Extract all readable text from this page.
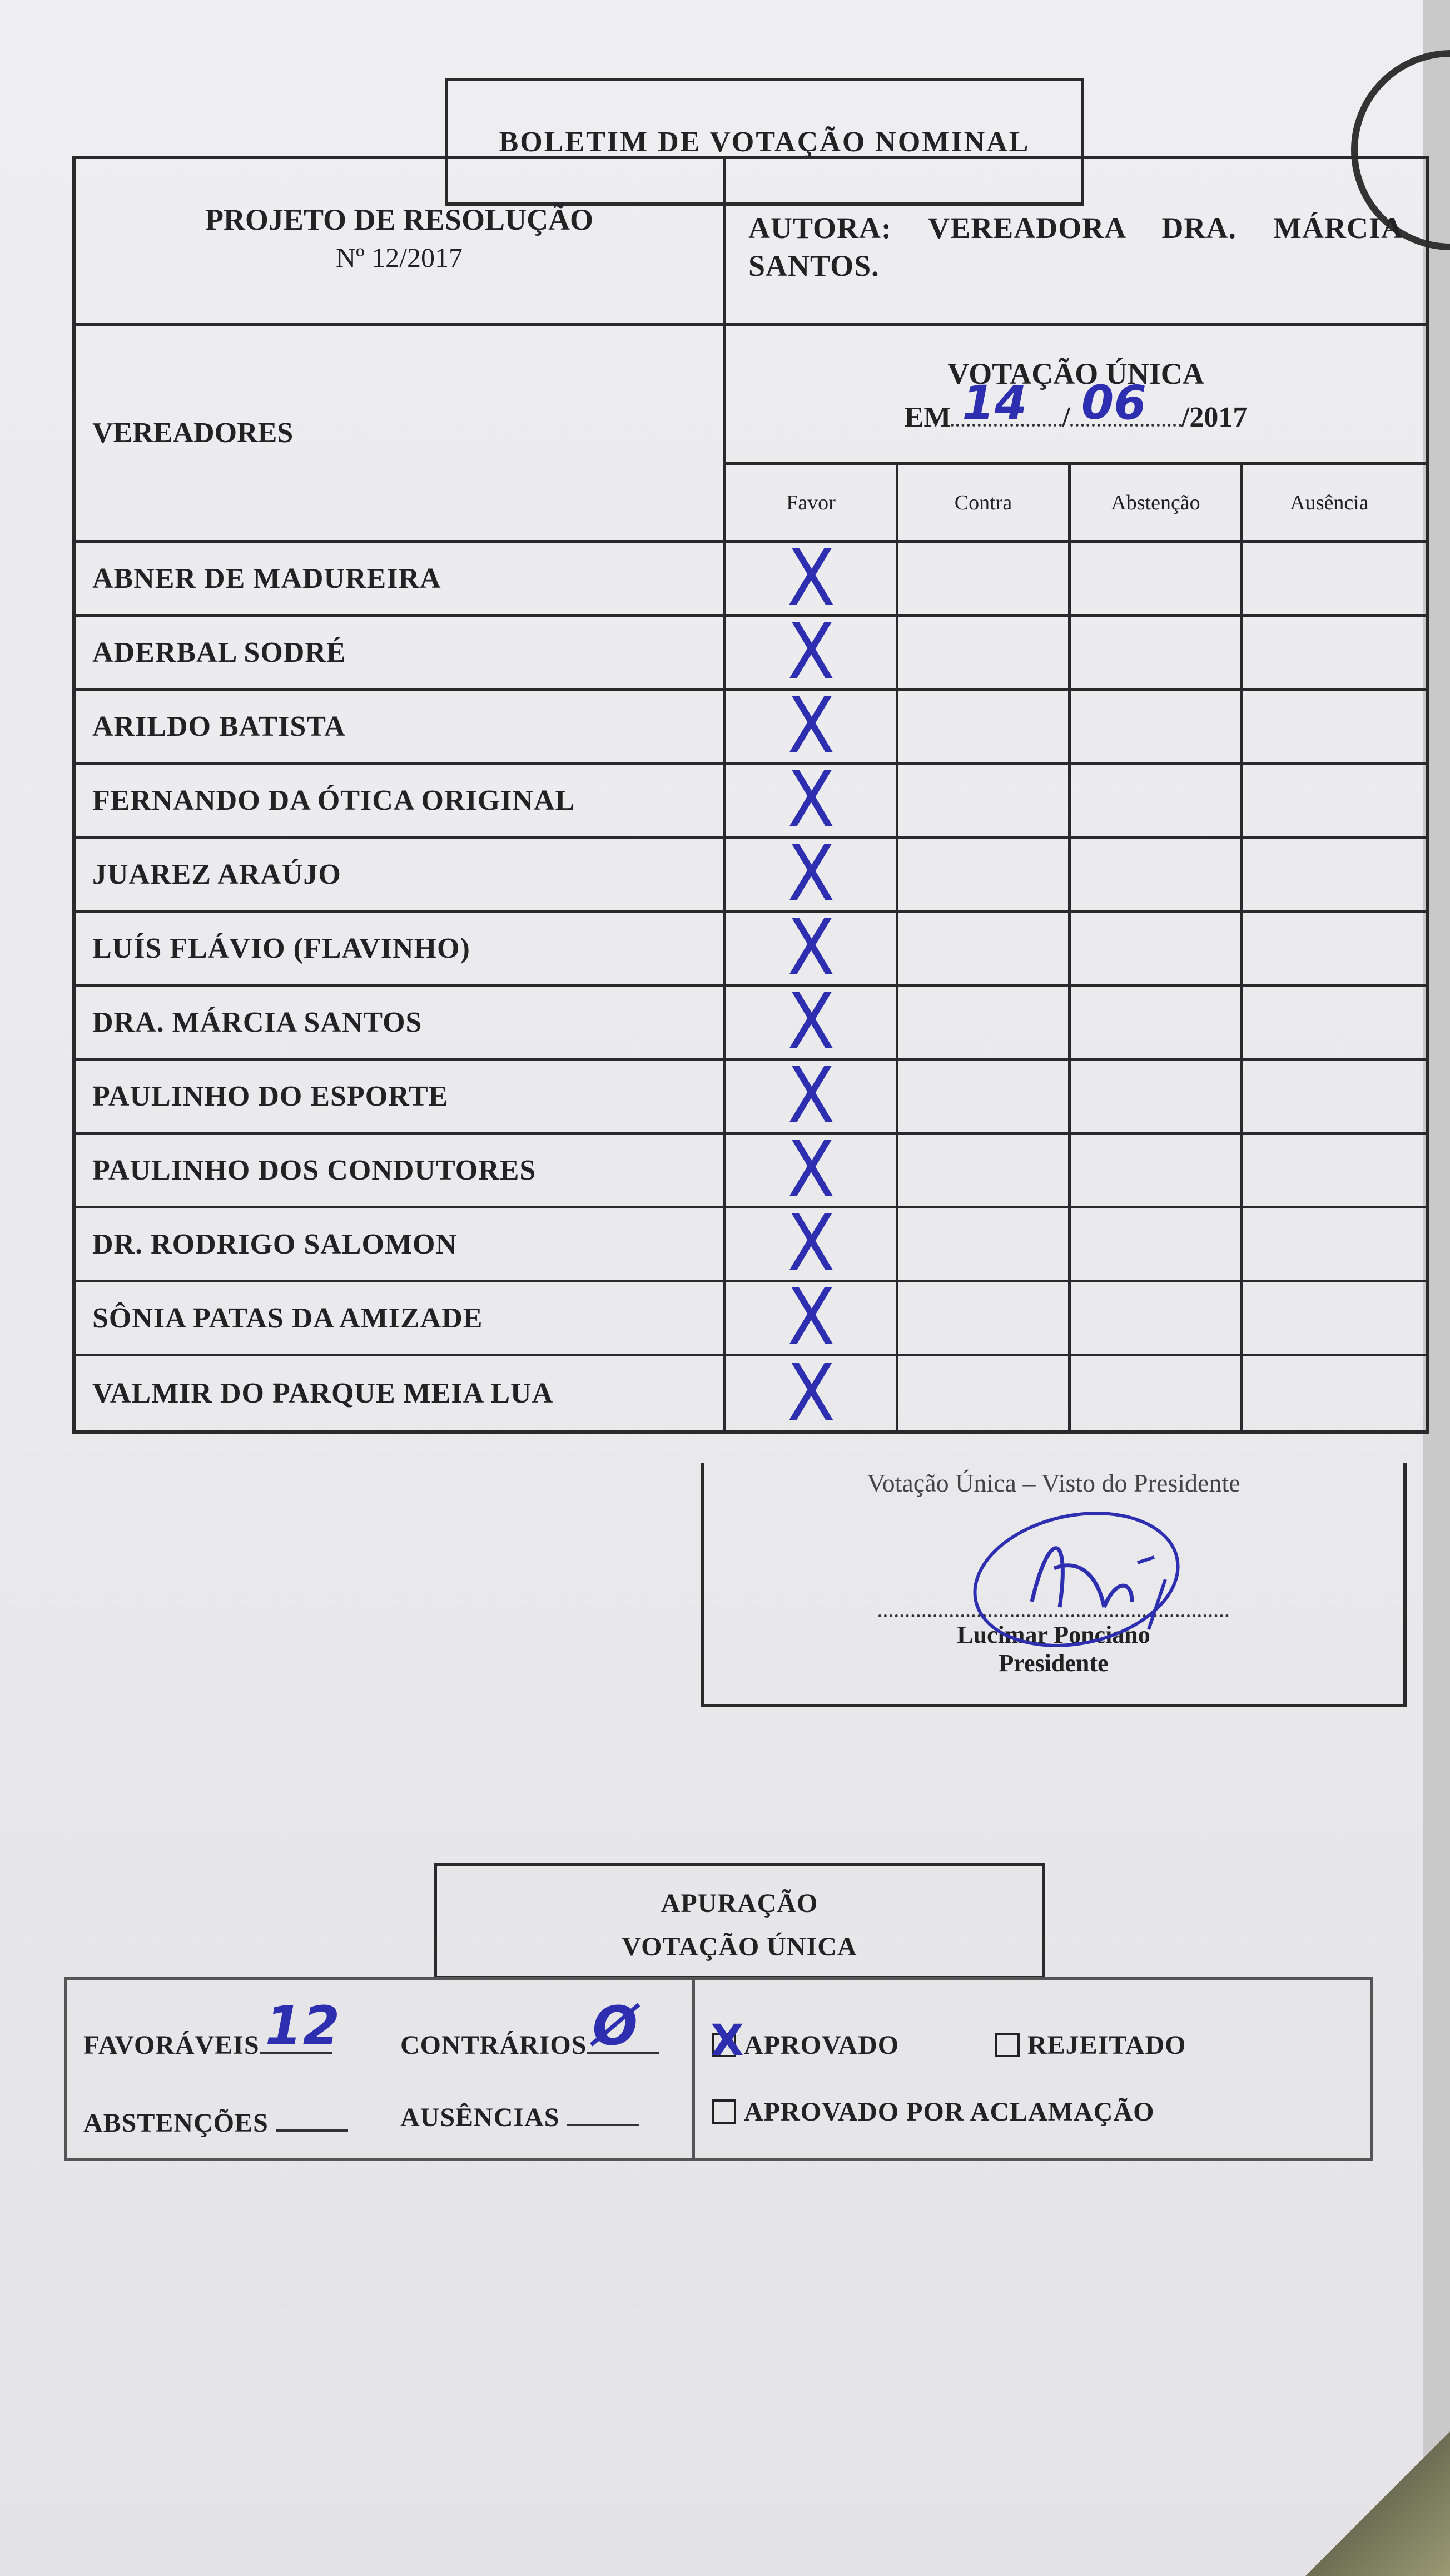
BOLETIM DE VOTAÇÃO NOMINAL
PROJETO DE RESOLUÇÃO
Nº 12/2017
AUTORA: VEREADORA DRA. MÁRCIA SANTOS.
VEREADORES
VOTAÇÃO ÚNICA
EM 14 / 06 /2017
Favor	Contra	Abstenção	Ausência
ABNER DE MADUREIRA	X
ADERBAL SODRÉ	X
ARILDO BATISTA	X
FERNANDO DA ÓTICA ORIGINAL	X
JUAREZ ARAÚJO	X
LUÍS FLÁVIO (FLAVINHO)	X
DRA. MÁRCIA SANTOS	X
PAULINHO DO ESPORTE	X
PAULINHO DOS CONDUTORES	X
DR. RODRIGO SALOMON	X
SÔNIA PATAS DA AMIZADE	X
VALMIR DO PARQUE MEIA LUA	X
Votação Única – Visto do Presidente
Lucimar Ponciano
Presidente
APURAÇÃO
VOTAÇÃO ÚNICA
FAVORÁVEIS 12 CONTRÁRIOS Ø
ABSTENÇÕES	AUSÊNCIAS
X
APROVADO	REJEITADO
APROVADO POR ACLAMAÇÃO
